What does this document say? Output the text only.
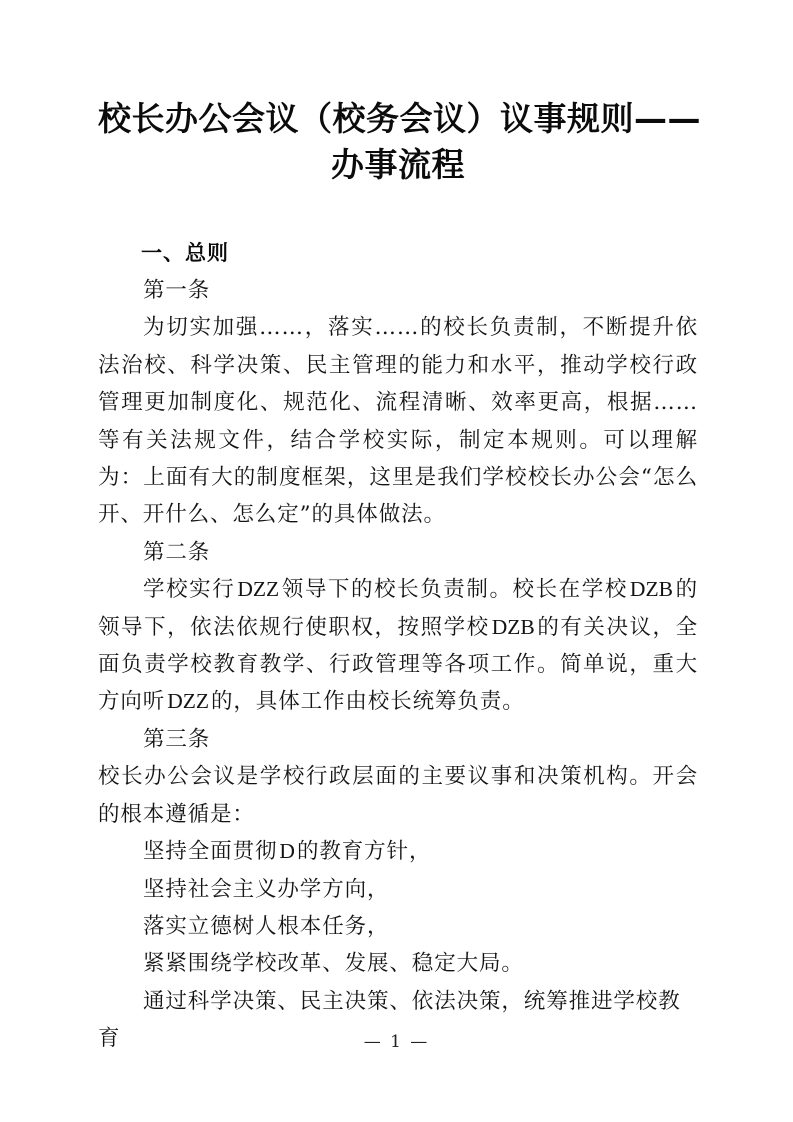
校长办公会议（校务会议）议事规则——
办事流程
一、总则

第一条

为切实加强……，落实……的校长负责制，不断提升依法治校、科学决策、民主管理的能力和水平，推动学校行政管理更加制度化、规范化、流程清晰、效率更高，根据……等有关法规文件，结合学校实际，制定本规则。可以理解为：上面有大的制度框架，这里是我们学校校长办公会“怎么开、开什么、怎么定”的具体做法。

第二条

学校实行DZZ领导下的校长负责制。校长在学校DZB的领导下，依法依规行使职权，按照学校DZB的有关决议，全面负责学校教育教学、行政管理等各项工作。简单说，重大方向听DZZ的，具体工作由校长统筹负责。

第三条

校长办公会议是学校行政层面的主要议事和决策机构。开会的根本遵循是：

坚持全面贯彻D的教育方针，

坚持社会主义办学方向，

落实立德树人根本任务，

紧紧围绕学校改革、发展、稳定大局。

通过科学决策、民主决策、依法决策，统筹推进学校教育	— 1 —
